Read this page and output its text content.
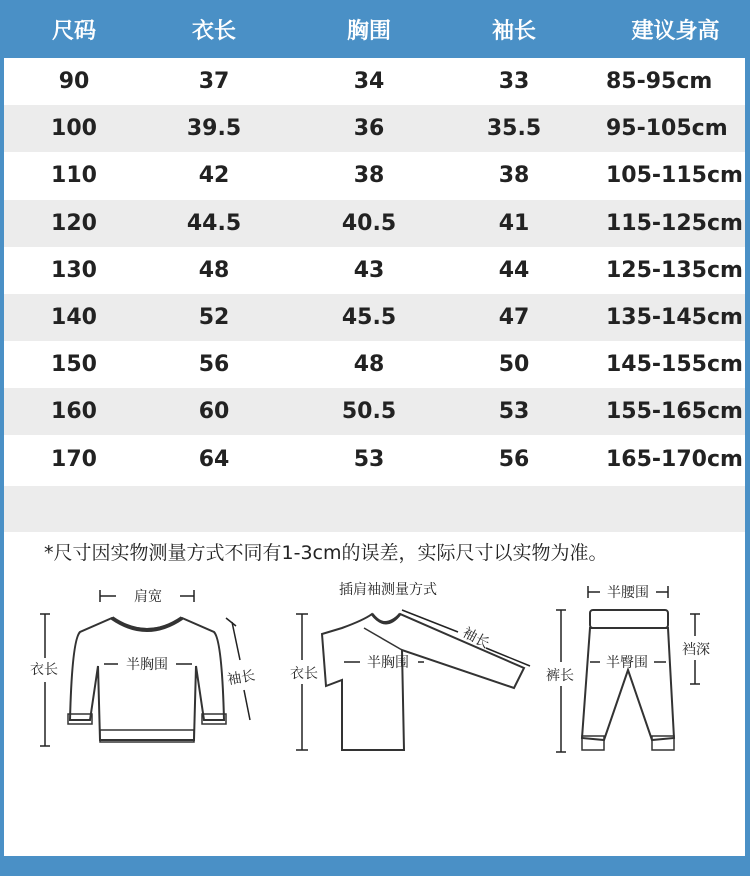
尺码	衣长	胸围	袖长	建议身高
90	37	34	33	85-95cm
100	39.5	36	35.5	95-105cm
110	42	38	38	105-115cm
120	44.5	40.5	41	115-125cm
130	48	43	44	125-135cm
140	52	45.5	47	135-145cm
150	56	48	50	145-155cm
160	60	50.5	53	155-165cm
170	64	53	56	165-170cm
*尺寸因实物测量方式不同有1-3cm的误差，实际尺寸以实物为准。
肩宽
衣长	半胸围
袖长
插肩袖测量方式
袖长
衣长
半胸围
半腰围
裤长
半臀围
裆深
